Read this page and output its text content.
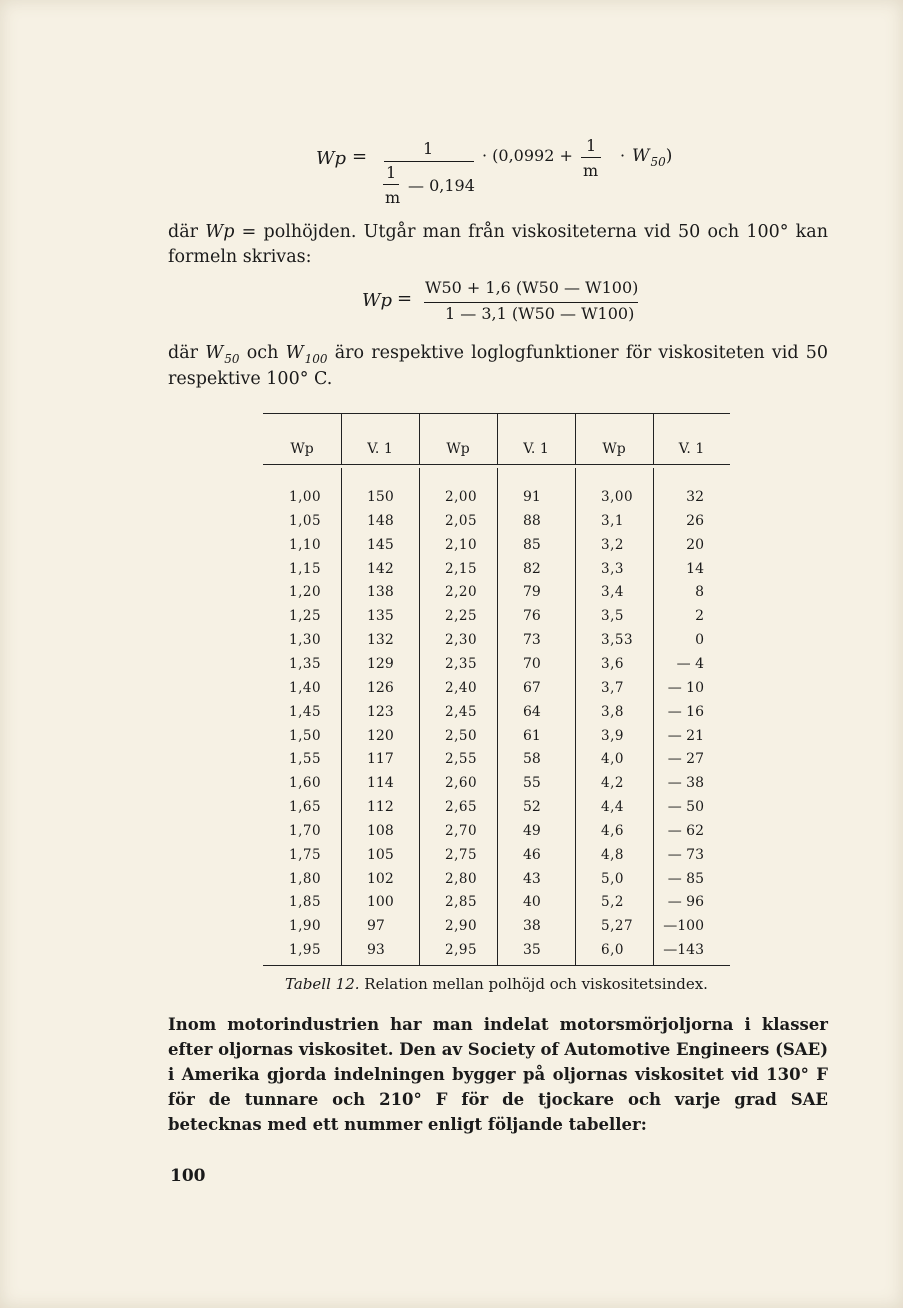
Wp =	1
1
— 0,194
m
· (0,0992 +
1
m
· $W_{50}$)
där Wp = polhöjden. Utgår man från viskositeterna vid 50 och 100° kan formeln skrivas:
Wp =
W50 + 1,6 (W50 — W100)
1 — 3,1 (W50 — W100)
där $W_{50}$ och $W_{100}$ äro respektive loglogfunktioner för viskositeten vid 50 respektive 100° C.
Wp	V. 1	Wp	V. 1	Wp	V. 1
1,00	150	2,00	91	3,00	32
1,05	148	2,05	88	3,1	26
1,10	145	2,10	85	3,2	20
1,15	142	2,15	82	3,3	14
1,20	138	2,20	79	3,4	8
1,25	135	2,25	76	3,5	2
1,30	132	2,30	73	3,53	0
1,35	129	2,35	70	3,6	— 4
1,40	126	2,40	67	3,7	— 10
1,45	123	2,45	64	3,8	— 16
1,50	120	2,50	61	3,9	— 21
1,55	117	2,55	58	4,0	— 27
1,60	114	2,60	55	4,2	— 38
1,65	112	2,65	52	4,4	— 50
1,70	108	2,70	49	4,6	— 62
1,75	105	2,75	46	4,8	— 73
1,80	102	2,80	43	5,0	— 85
1,85	100	2,85	40	5,2	— 96
1,90	97	2,90	38	5,27 —100
1,95	93	2,95	35	6,0	—143
Tabell 12. Relation mellan polhöjd och viskositetsindex.
Inom motorindustrien har man indelat motorsmörjoljorna i klasser efter oljornas viskositet. Den av Society of Automotive Engineers (SAE) i Amerika gjorda indelningen bygger på oljornas viskositet vid 130° F för de tunnare och 210° F för de tjockare och varje grad SAE betecknas med ett nummer enligt följande tabeller:
100
